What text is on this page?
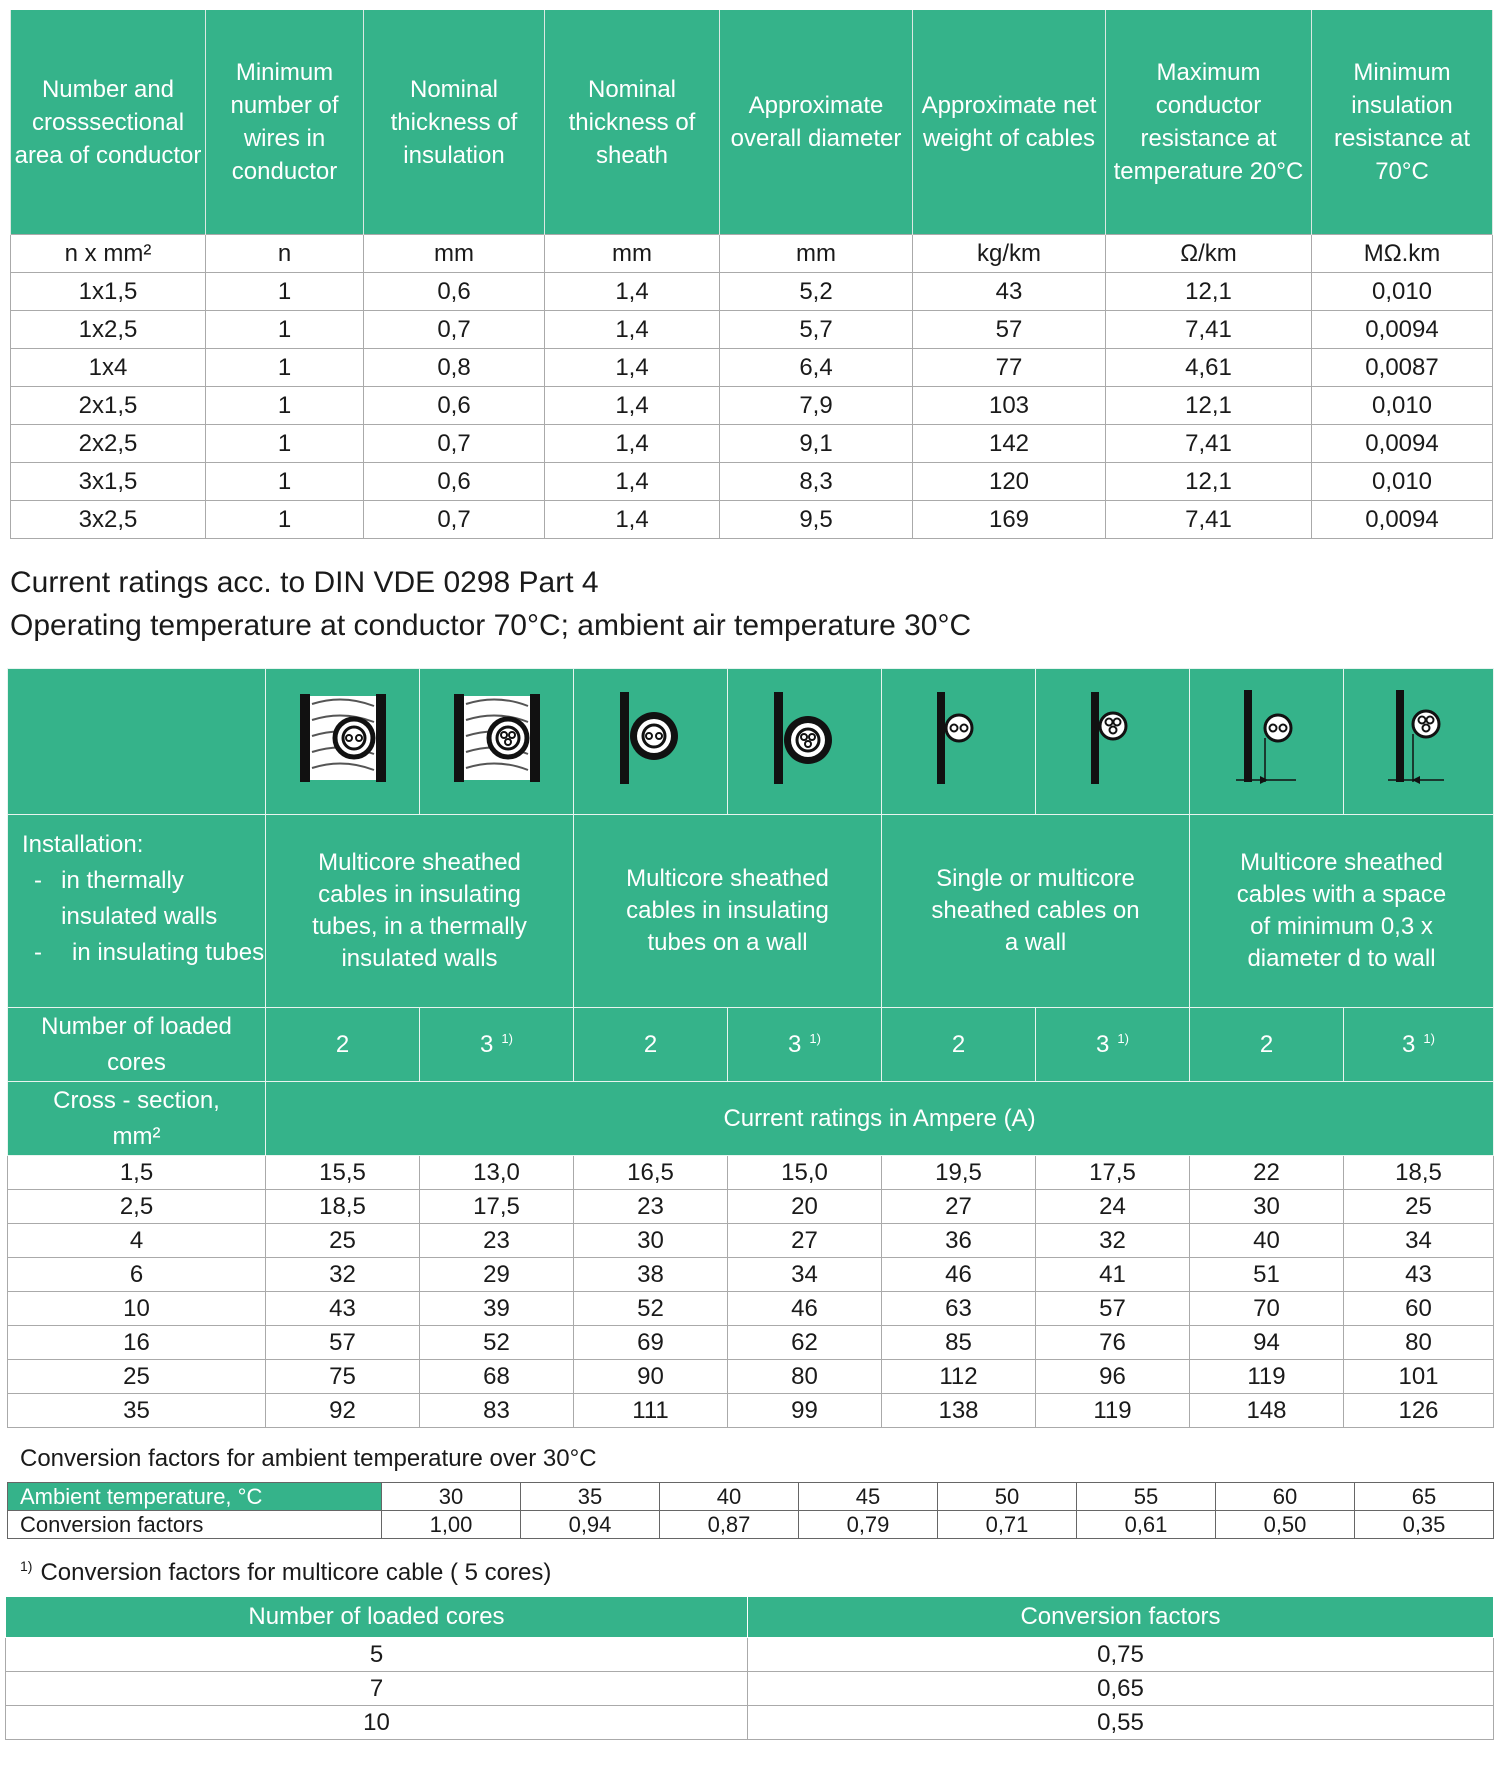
Number and crosssectional area of conductor	Minimum number of wires in conductor	Nominal thickness of insulation	Nominal thickness of sheath	Approximate overall diameter	Approximate net weight of cables	Maximum conductor resistance at temperature 20°C	Minimum insulation resistance at 70°C
n x mm²	n	mm	mm	mm	kg/km	Ω/km	MΩ.km
1x1,5	1	0,6	1,4	5,2	43	12,1	0,010
1x2,5	1	0,7	1,4	5,7	57	7,41	0,0094
1x4	1	0,8	1,4	6,4	77	4,61	0,0087
2x1,5	1	0,6	1,4	7,9	103	12,1	0,010
2x2,5	1	0,7	1,4	9,1	142	7,41	0,0094
3x1,5	1	0,6	1,4	8,3	120	12,1	0,010
3x2,5	1	0,7	1,4	9,5	169	7,41	0,0094
Current ratings acc. to DIN VDE 0298 Part 4
Operating temperature at conductor 70°C; ambient air temperature 30°C

Installation:
- in thermally insulated walls
- in insulating tubes	Multicore sheathed cables in insulating tubes, in a thermally insulated walls		Multicore sheathed cables in insulating tubes on a wall		Single or multicore sheathed cables on a wall		Multicore sheathed cables with a space of minimum 0,3 x diameter d to wall	
Number of loaded cores	2	3 $^{1)}$	2	3 $^{1)}$	2	3 $^{1)}$	2	3 $^{1)}$
Cross - section, mm²	Current ratings in Ampere (A)							
1,5	15,5	13,0	16,5	15,0	19,5	17,5	22	18,5
2,5	18,5	17,5	23	20	27	24	30	25
4	25	23	30	27	36	32	40	34
6	32	29	38	34	46	41	51	43
10	43	39	52	46	63	57	70	60
16	57	52	69	62	85	76	94	80
25	75	68	90	80	112	96	119	101
35	92	83	111	99	138	119	148	126
Conversion factors for ambient temperature over 30°C
Ambient temperature, °C	30	35	40	45	50	55	60	65
Conversion factors	1,00	0,94	0,87	0,79	0,71	0,61	0,50	0,35
$^{1)}$ Conversion factors for multicore cable ( 5 cores)
Number of loaded cores	Conversion factors
5	0,75
7	0,65
10	0,55
